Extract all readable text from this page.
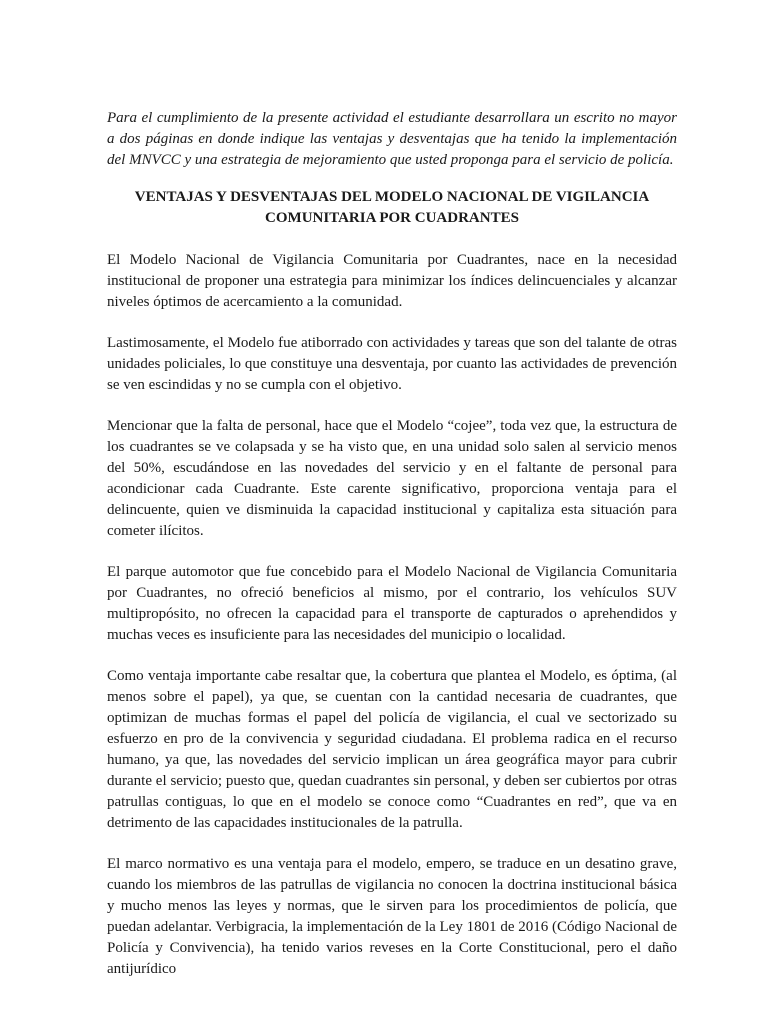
Para el cumplimiento de la presente actividad el estudiante desarrollara un escrito no mayor a dos páginas en donde indique las ventajas y desventajas que ha tenido la implementación del MNVCC y una estrategia de mejoramiento que usted proponga para el servicio de policía.

VENTAJAS Y DESVENTAJAS DEL MODELO NACIONAL DE VIGILANCIA COMUNITARIA POR CUADRANTES

El Modelo Nacional de Vigilancia Comunitaria por Cuadrantes, nace en la necesidad institucional de proponer una estrategia para minimizar los índices delincuenciales y alcanzar niveles óptimos de acercamiento a la comunidad.

Lastimosamente, el Modelo fue atiborrado con actividades y tareas que son del talante de otras unidades policiales, lo que constituye una desventaja, por cuanto las actividades de prevención se ven escindidas y no se cumpla con el objetivo.

Mencionar que la falta de personal, hace que el Modelo “cojee”, toda vez que, la estructura de los cuadrantes se ve colapsada y se ha visto que, en una unidad solo salen al servicio menos del 50%, escudándose en las novedades del servicio y en el faltante de personal para acondicionar cada Cuadrante. Este carente significativo, proporciona ventaja para el delincuente, quien ve disminuida la capacidad institucional y capitaliza esta situación para cometer ilícitos.

El parque automotor que fue concebido para el Modelo Nacional de Vigilancia Comunitaria por Cuadrantes, no ofreció beneficios al mismo, por el contrario, los vehículos SUV multipropósito, no ofrecen la capacidad para el transporte de capturados o aprehendidos y muchas veces es insuficiente para las necesidades del municipio o localidad.

Como ventaja importante cabe resaltar que, la cobertura que plantea el Modelo, es óptima, (al menos sobre el papel), ya que, se cuentan con la cantidad necesaria de cuadrantes, que optimizan de muchas formas el papel del policía de vigilancia, el cual ve sectorizado su esfuerzo en pro de la convivencia y seguridad ciudadana. El problema radica en el recurso humano, ya que, las novedades del servicio implican un área geográfica mayor para cubrir durante el servicio; puesto que, quedan cuadrantes sin personal, y deben ser cubiertos por otras patrullas contiguas, lo que en el modelo se conoce como “Cuadrantes en red”, que va en detrimento de las capacidades institucionales de la patrulla.

El marco normativo es una ventaja para el modelo, empero, se traduce en un desatino grave, cuando los miembros de las patrullas de vigilancia no conocen la doctrina institucional básica y mucho menos las leyes y normas, que le sirven para los procedimientos de policía, que puedan adelantar. Verbigracia, la implementación de la Ley 1801 de 2016 (Código Nacional de Policía y Convivencia), ha tenido varios reveses en la Corte Constitucional, pero el daño antijurídico
